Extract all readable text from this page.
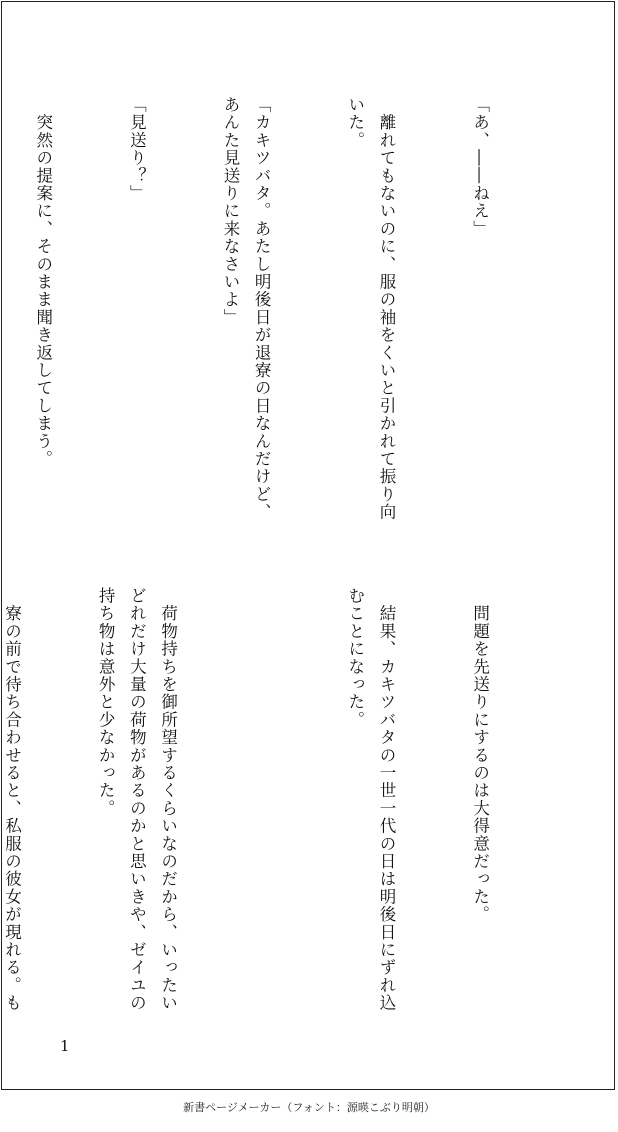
「あ、――ねえ」

　離れてもないのに、服の袖をくいと引かれて振り向いた。

「カキツバタ。あたし明後日が退寮の日なんだけど、あんた見送りに来なさいよ」

「見送り？」

　突然の提案に、そのまま聞き返してしまう。

　問題を先送りにするのは大得意だった。

　結果、カキツバタの一世一代の日は明後日にずれ込むことになった。

　荷物持ちを御所望するくらいなのだから、いったいどれだけ大量の荷物があるのかと思いきや、ゼイユの持ち物は意外と少なかった。

　寮の前で待ち合わせると、私服の彼女が現れる。も

1
新書ページメーカー（フォント：源暎こぶり明朝）
